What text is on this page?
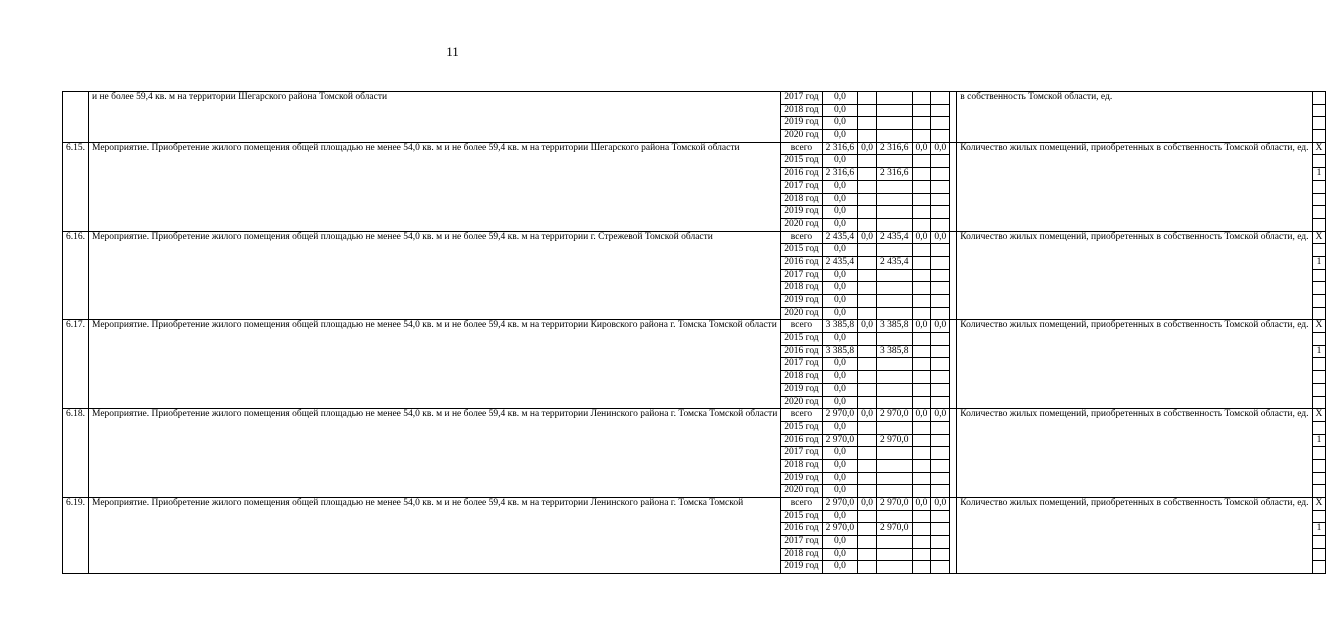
11
	и не более 59,4 кв. м на территории Шегарского района Томской области	2017 год	0,0						в собственность Томской области, ед.	
		2018 год	0,0							
		2019 год	0,0							
		2020 год	0,0							
6.15.	Мероприятие. Приобретение жилого помещения общей площадью не менее 54,0 кв. м и не более 59,4 кв. м на территории Шегарского района Томской области	всего	2 316,6	0,0	2 316,6	0,0	0,0		Количество жилых помещений, приобретенных в собственность Томской области, ед.	X
		2015 год	0,0							
		2016 год	2 316,6		2 316,6					1
		2017 год	0,0							
		2018 год	0,0							
		2019 год	0,0							
		2020 год	0,0							
6.16.	Мероприятие. Приобретение жилого помещения общей площадью не менее 54,0 кв. м и не более 59,4 кв. м на территории г. Стрежевой Томской области	всего	2 435,4	0,0	2 435,4	0,0	0,0		Количество жилых помещений, приобретенных в собственность Томской области, ед.	X
		2015 год	0,0							
		2016 год	2 435,4		2 435,4					1
		2017 год	0,0							
		2018 год	0,0							
		2019 год	0,0							
		2020 год	0,0							
6.17.	Мероприятие. Приобретение жилого помещения общей площадью не менее 54,0 кв. м и не более 59,4 кв. м на территории Кировского района г. Томска Томской области	всего	3 385,8	0,0	3 385,8	0,0	0,0		Количество жилых помещений, приобретенных в собственность Томской области, ед.	X
		2015 год	0,0							
		2016 год	3 385,8		3 385,8					1
		2017 год	0,0							
		2018 год	0,0							
		2019 год	0,0							
		2020 год	0,0							
6.18.	Мероприятие. Приобретение жилого помещения общей площадью не менее 54,0 кв. м и не более 59,4 кв. м на территории Ленинского района г. Томска Томской области	всего	2 970,0	0,0	2 970,0	0,0	0,0		Количество жилых помещений, приобретенных в собственность Томской области, ед.	X
		2015 год	0,0							
		2016 год	2 970,0		2 970,0					1
		2017 год	0,0							
		2018 год	0,0							
		2019 год	0,0							
		2020 год	0,0							
6.19.	Мероприятие. Приобретение жилого помещения общей площадью не менее 54,0 кв. м и не более 59,4 кв. м на территории Ленинского района г. Томска Томской	всего	2 970,0	0,0	2 970,0	0,0	0,0		Количество жилых помещений, приобретенных в собственность Томской области, ед.	X
		2015 год	0,0							
		2016 год	2 970,0		2 970,0					1
		2017 год	0,0							
		2018 год	0,0							
		2019 год	0,0							
